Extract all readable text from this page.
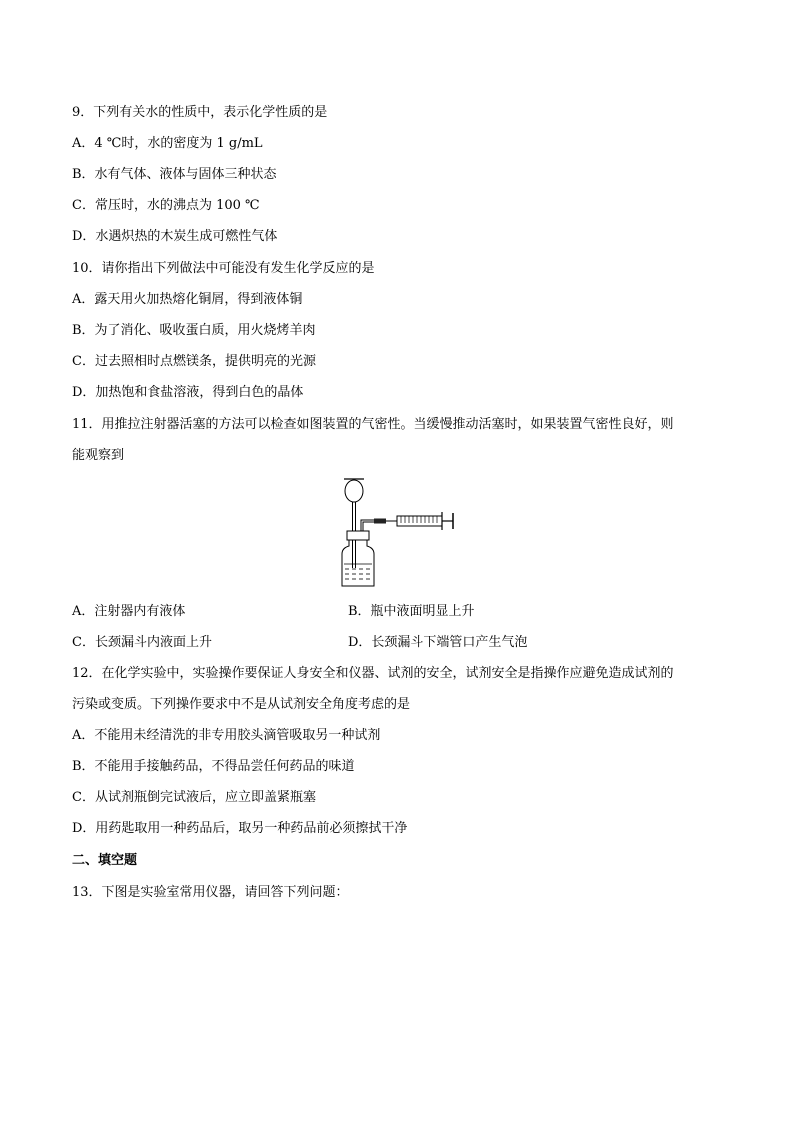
9．下列有关水的性质中，表示化学性质的是
A．4 ℃时，水的密度为 1 g/mL
B．水有气体、液体与固体三种状态
C．常压时，水的沸点为 100 ℃
D．水遇炽热的木炭生成可燃性气体
10．请你指出下列做法中可能没有发生化学反应的是
A．露天用火加热熔化铜屑，得到液体铜
B．为了消化、吸收蛋白质，用火烧烤羊肉
C．过去照相时点燃镁条，提供明亮的光源
D．加热饱和食盐溶液，得到白色的晶体
11．用推拉注射器活塞的方法可以检查如图装置的气密性。当缓慢推动活塞时，如果装置气密性良好，则
能观察到
A．注射器内有液体	B．瓶中液面明显上升
C．长颈漏斗内液面上升	D．长颈漏斗下端管口产生气泡
12．在化学实验中，实验操作要保证人身安全和仪器、试剂的安全，试剂安全是指操作应避免造成试剂的
污染或变质。下列操作要求中不是从试剂安全角度考虑的是
A．不能用未经清洗的非专用胶头滴管吸取另一种试剂
B．不能用手接触药品，不得品尝任何药品的味道
C．从试剂瓶倒完试液后，应立即盖紧瓶塞
D．用药匙取用一种药品后，取另一种药品前必须擦拭干净
二、填空题
13．下图是实验室常用仪器，请回答下列问题：
